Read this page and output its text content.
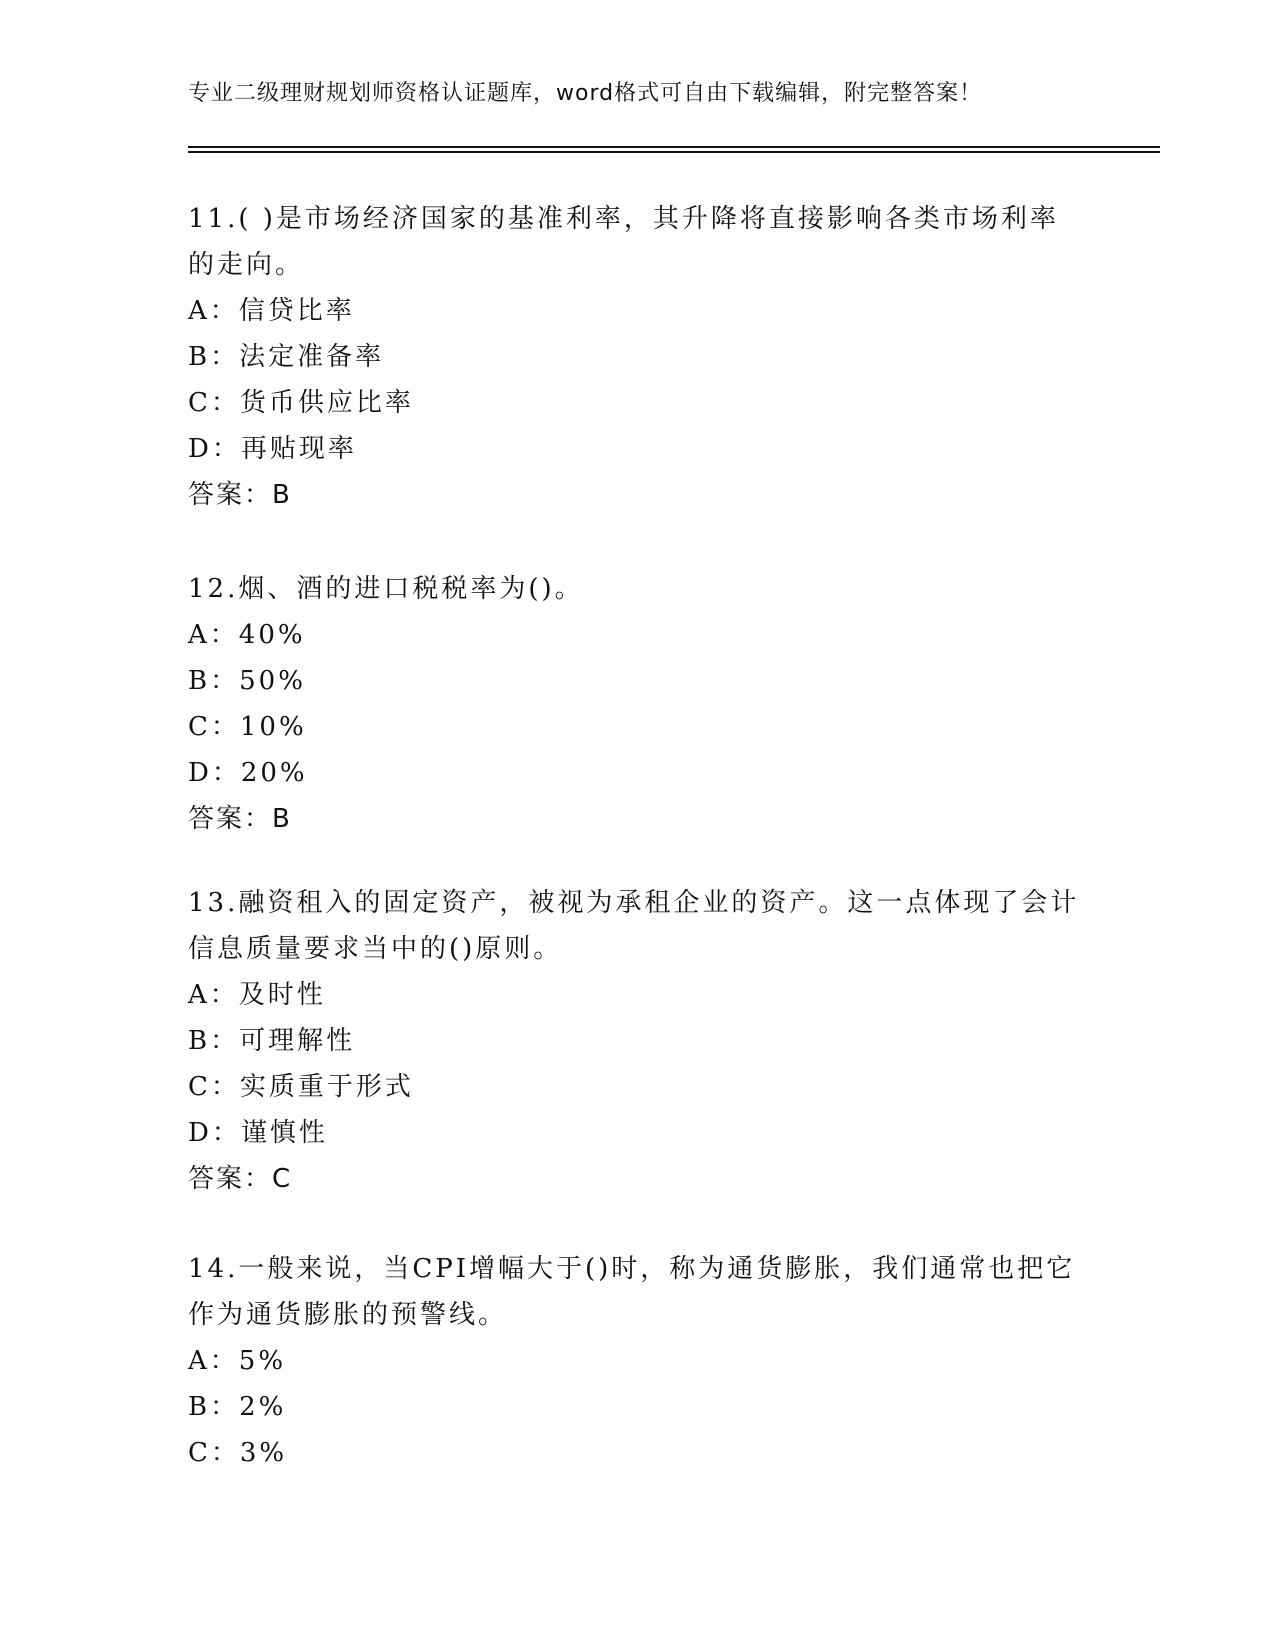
专业二级理财规划师资格认证题库，word格式可自由下载编辑，附完整答案！
11.( )是市场经济国家的基准利率，其升降将直接影响各类市场利率
的走向。
A：信贷比率
B：法定准备率
C：货币供应比率
D：再贴现率
答案：B
12.烟、酒的进口税税率为()。
A：40%
B：50%
C：10%
D：20%
答案：B
13.融资租入的固定资产，被视为承租企业的资产。这一点体现了会计
信息质量要求当中的()原则。
A：及时性
B：可理解性
C：实质重于形式
D：谨慎性
答案：C
14.一般来说，当CPI增幅大于()时，称为通货膨胀，我们通常也把它
作为通货膨胀的预警线。
A：5%
B：2%
C：3%
